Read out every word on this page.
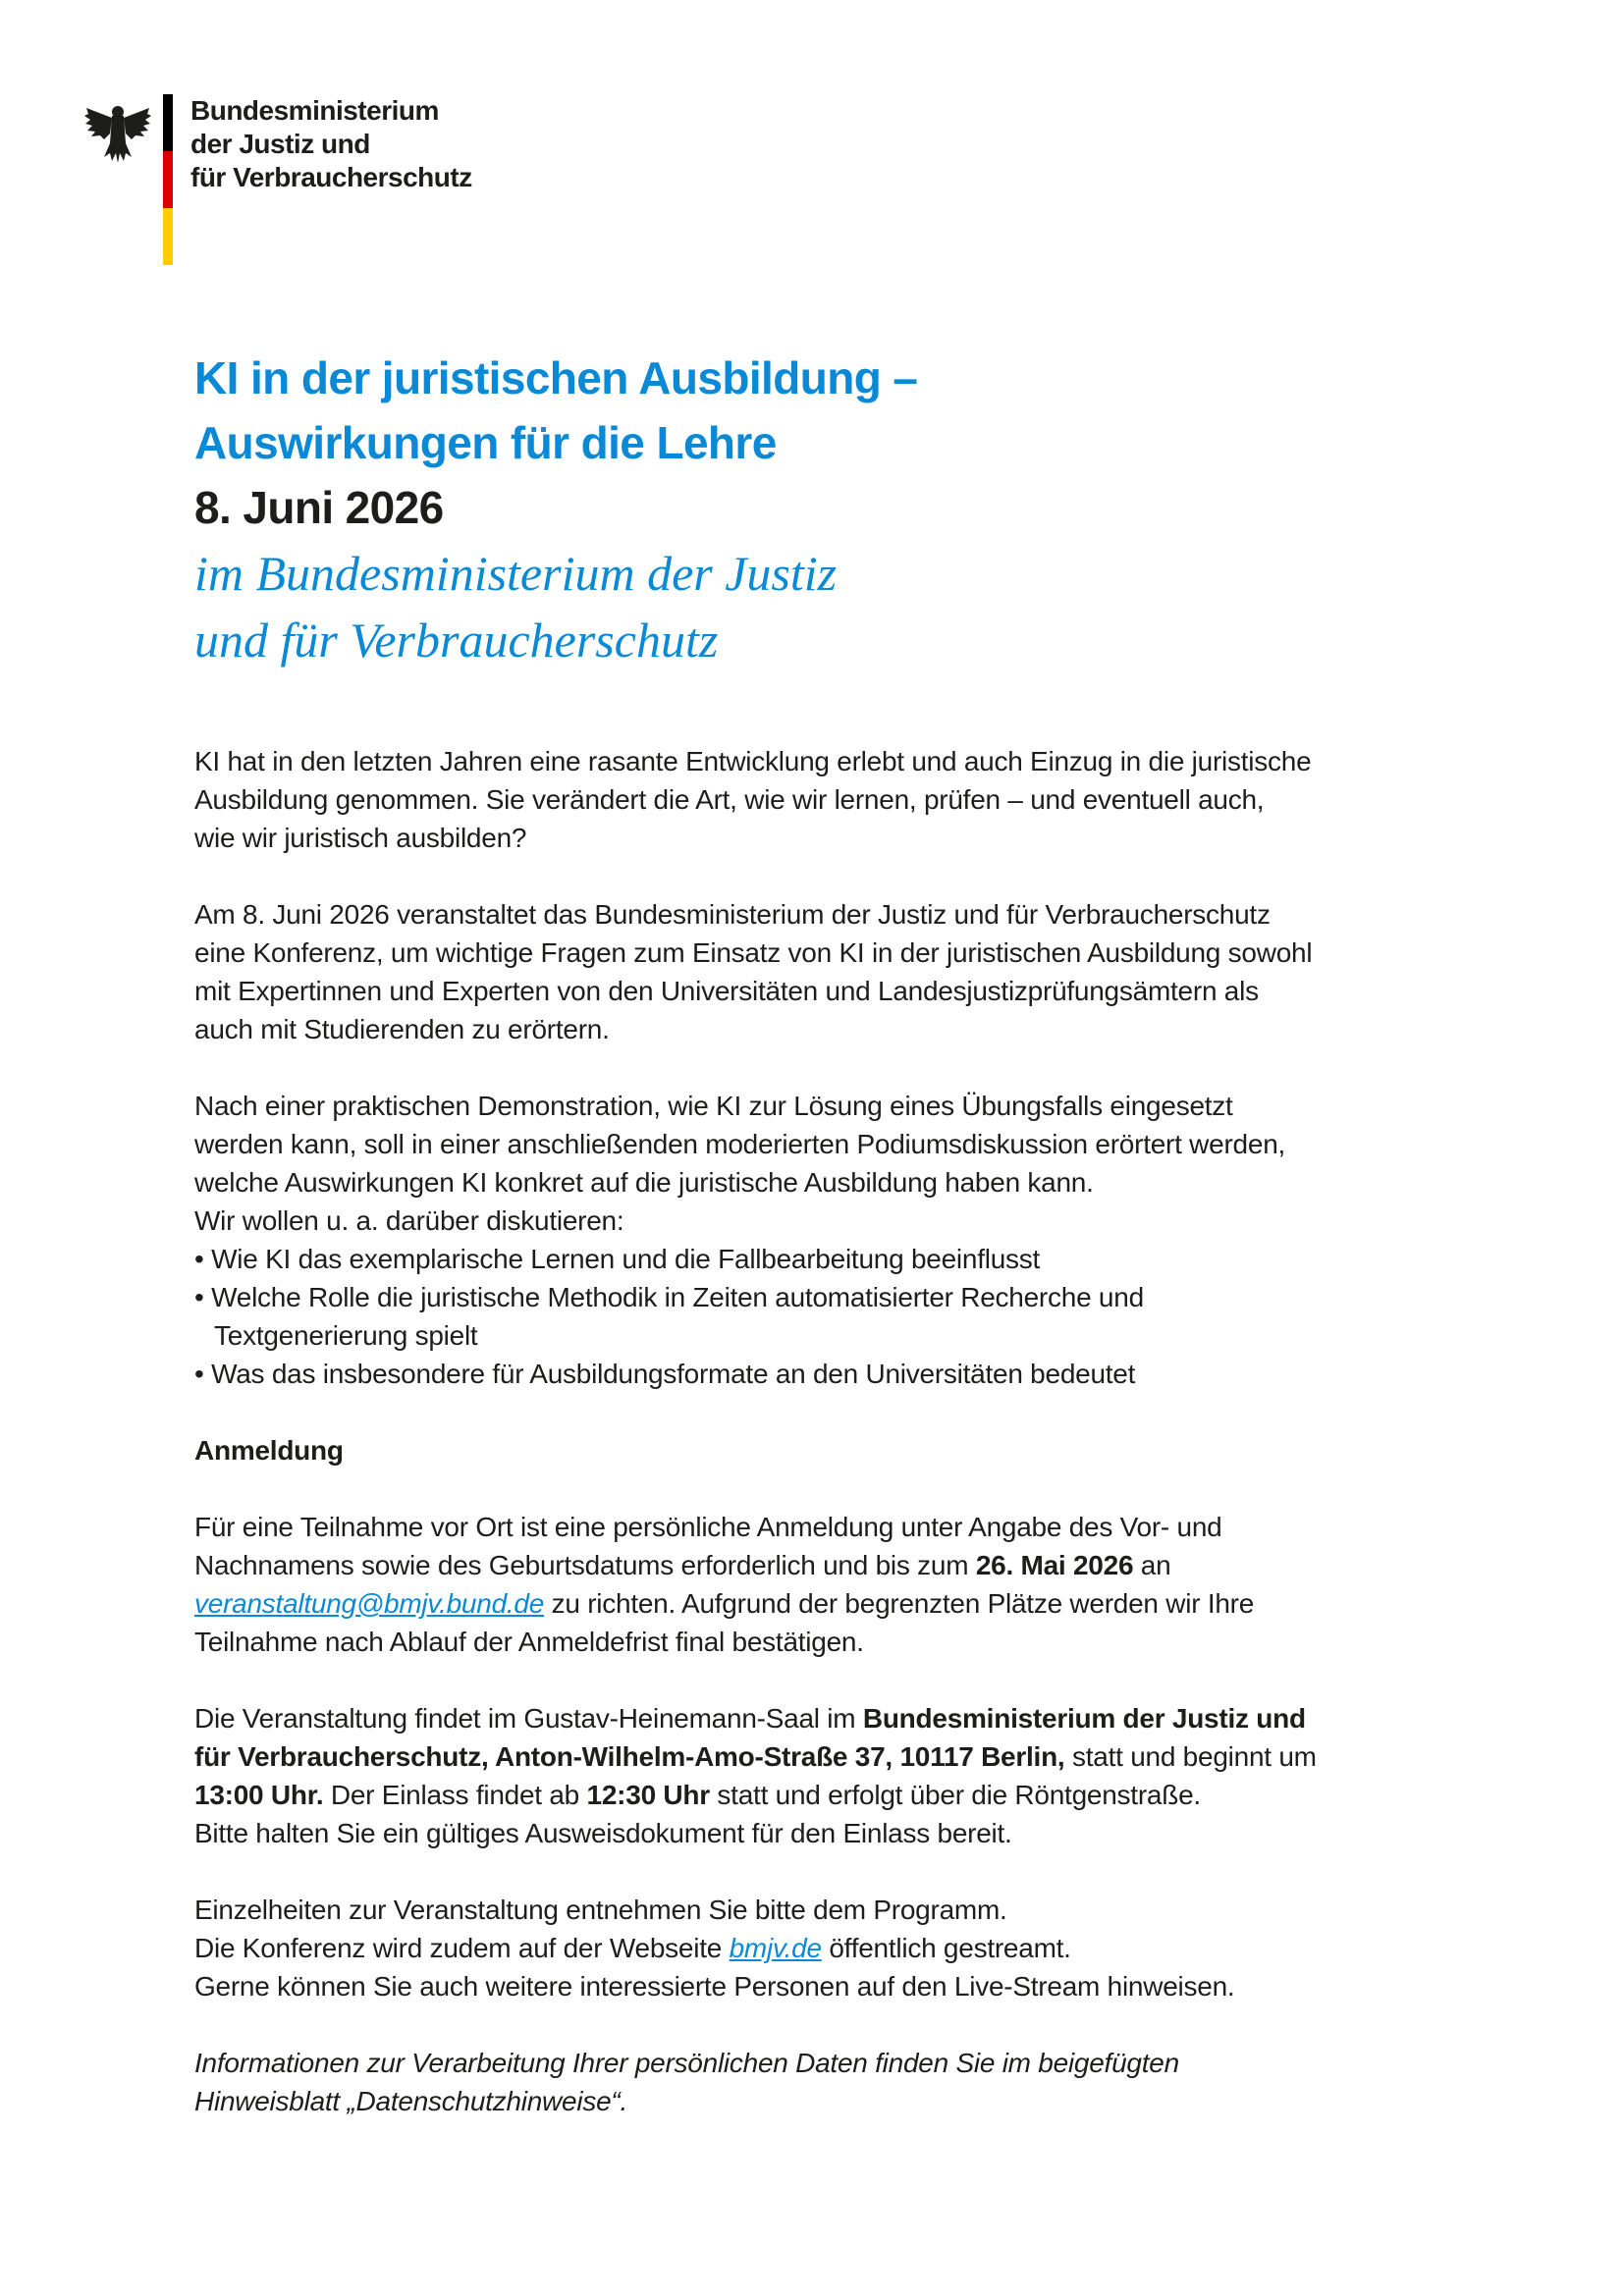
Bundesministerium
der Justiz und
für Verbraucherschutz
KI in der juristischen Ausbildung –
Auswirkungen für die Lehre
8. Juni 2026
im Bundesministerium der Justiz
und für Verbraucherschutz
KI hat in den letzten Jahren eine rasante Entwicklung erlebt und auch Einzug in die juristische
Ausbildung genommen. Sie verändert die Art, wie wir lernen, prüfen – und eventuell auch,
wie wir juristisch ausbilden?
Am 8. Juni 2026 veranstaltet das Bundesministerium der Justiz und für Verbraucherschutz
eine Konferenz, um wichtige Fragen zum Einsatz von KI in der juristischen Ausbildung sowohl
mit Expertinnen und Experten von den Universitäten und Landesjustizprüfungsämtern als
auch mit Studierenden zu erörtern.
Nach einer praktischen Demonstration, wie KI zur Lösung eines Übungsfalls eingesetzt
werden kann, soll in einer anschließenden moderierten Podiumsdiskussion erörtert werden,
welche Auswirkungen KI konkret auf die juristische Ausbildung haben kann.
Wir wollen u. a. darüber diskutieren:
• Wie KI das exemplarische Lernen und die Fallbearbeitung beeinflusst
• Welche Rolle die juristische Methodik in Zeiten automatisierter Recherche und
Textgenerierung spielt
• Was das insbesondere für Ausbildungsformate an den Universitäten bedeutet
Anmeldung
Für eine Teilnahme vor Ort ist eine persönliche Anmeldung unter Angabe des Vor- und
Nachnamens sowie des Geburtsdatums erforderlich und bis zum 26. Mai 2026 an
veranstaltung@bmjv.bund.de zu richten. Aufgrund der begrenzten Plätze werden wir Ihre
Teilnahme nach Ablauf der Anmeldefrist final bestätigen.
Die Veranstaltung findet im Gustav-Heinemann-Saal im Bundesministerium der Justiz und
für Verbraucherschutz, Anton-Wilhelm-Amo-Straße 37, 10117 Berlin, statt und beginnt um
13:00 Uhr. Der Einlass findet ab 12:30 Uhr statt und erfolgt über die Röntgenstraße.
Bitte halten Sie ein gültiges Ausweisdokument für den Einlass bereit.
Einzelheiten zur Veranstaltung entnehmen Sie bitte dem Programm.
Die Konferenz wird zudem auf der Webseite bmjv.de öffentlich gestreamt.
Gerne können Sie auch weitere interessierte Personen auf den Live-Stream hinweisen.
Informationen zur Verarbeitung Ihrer persönlichen Daten finden Sie im beigefügten
Hinweisblatt „Datenschutzhinweise“.
